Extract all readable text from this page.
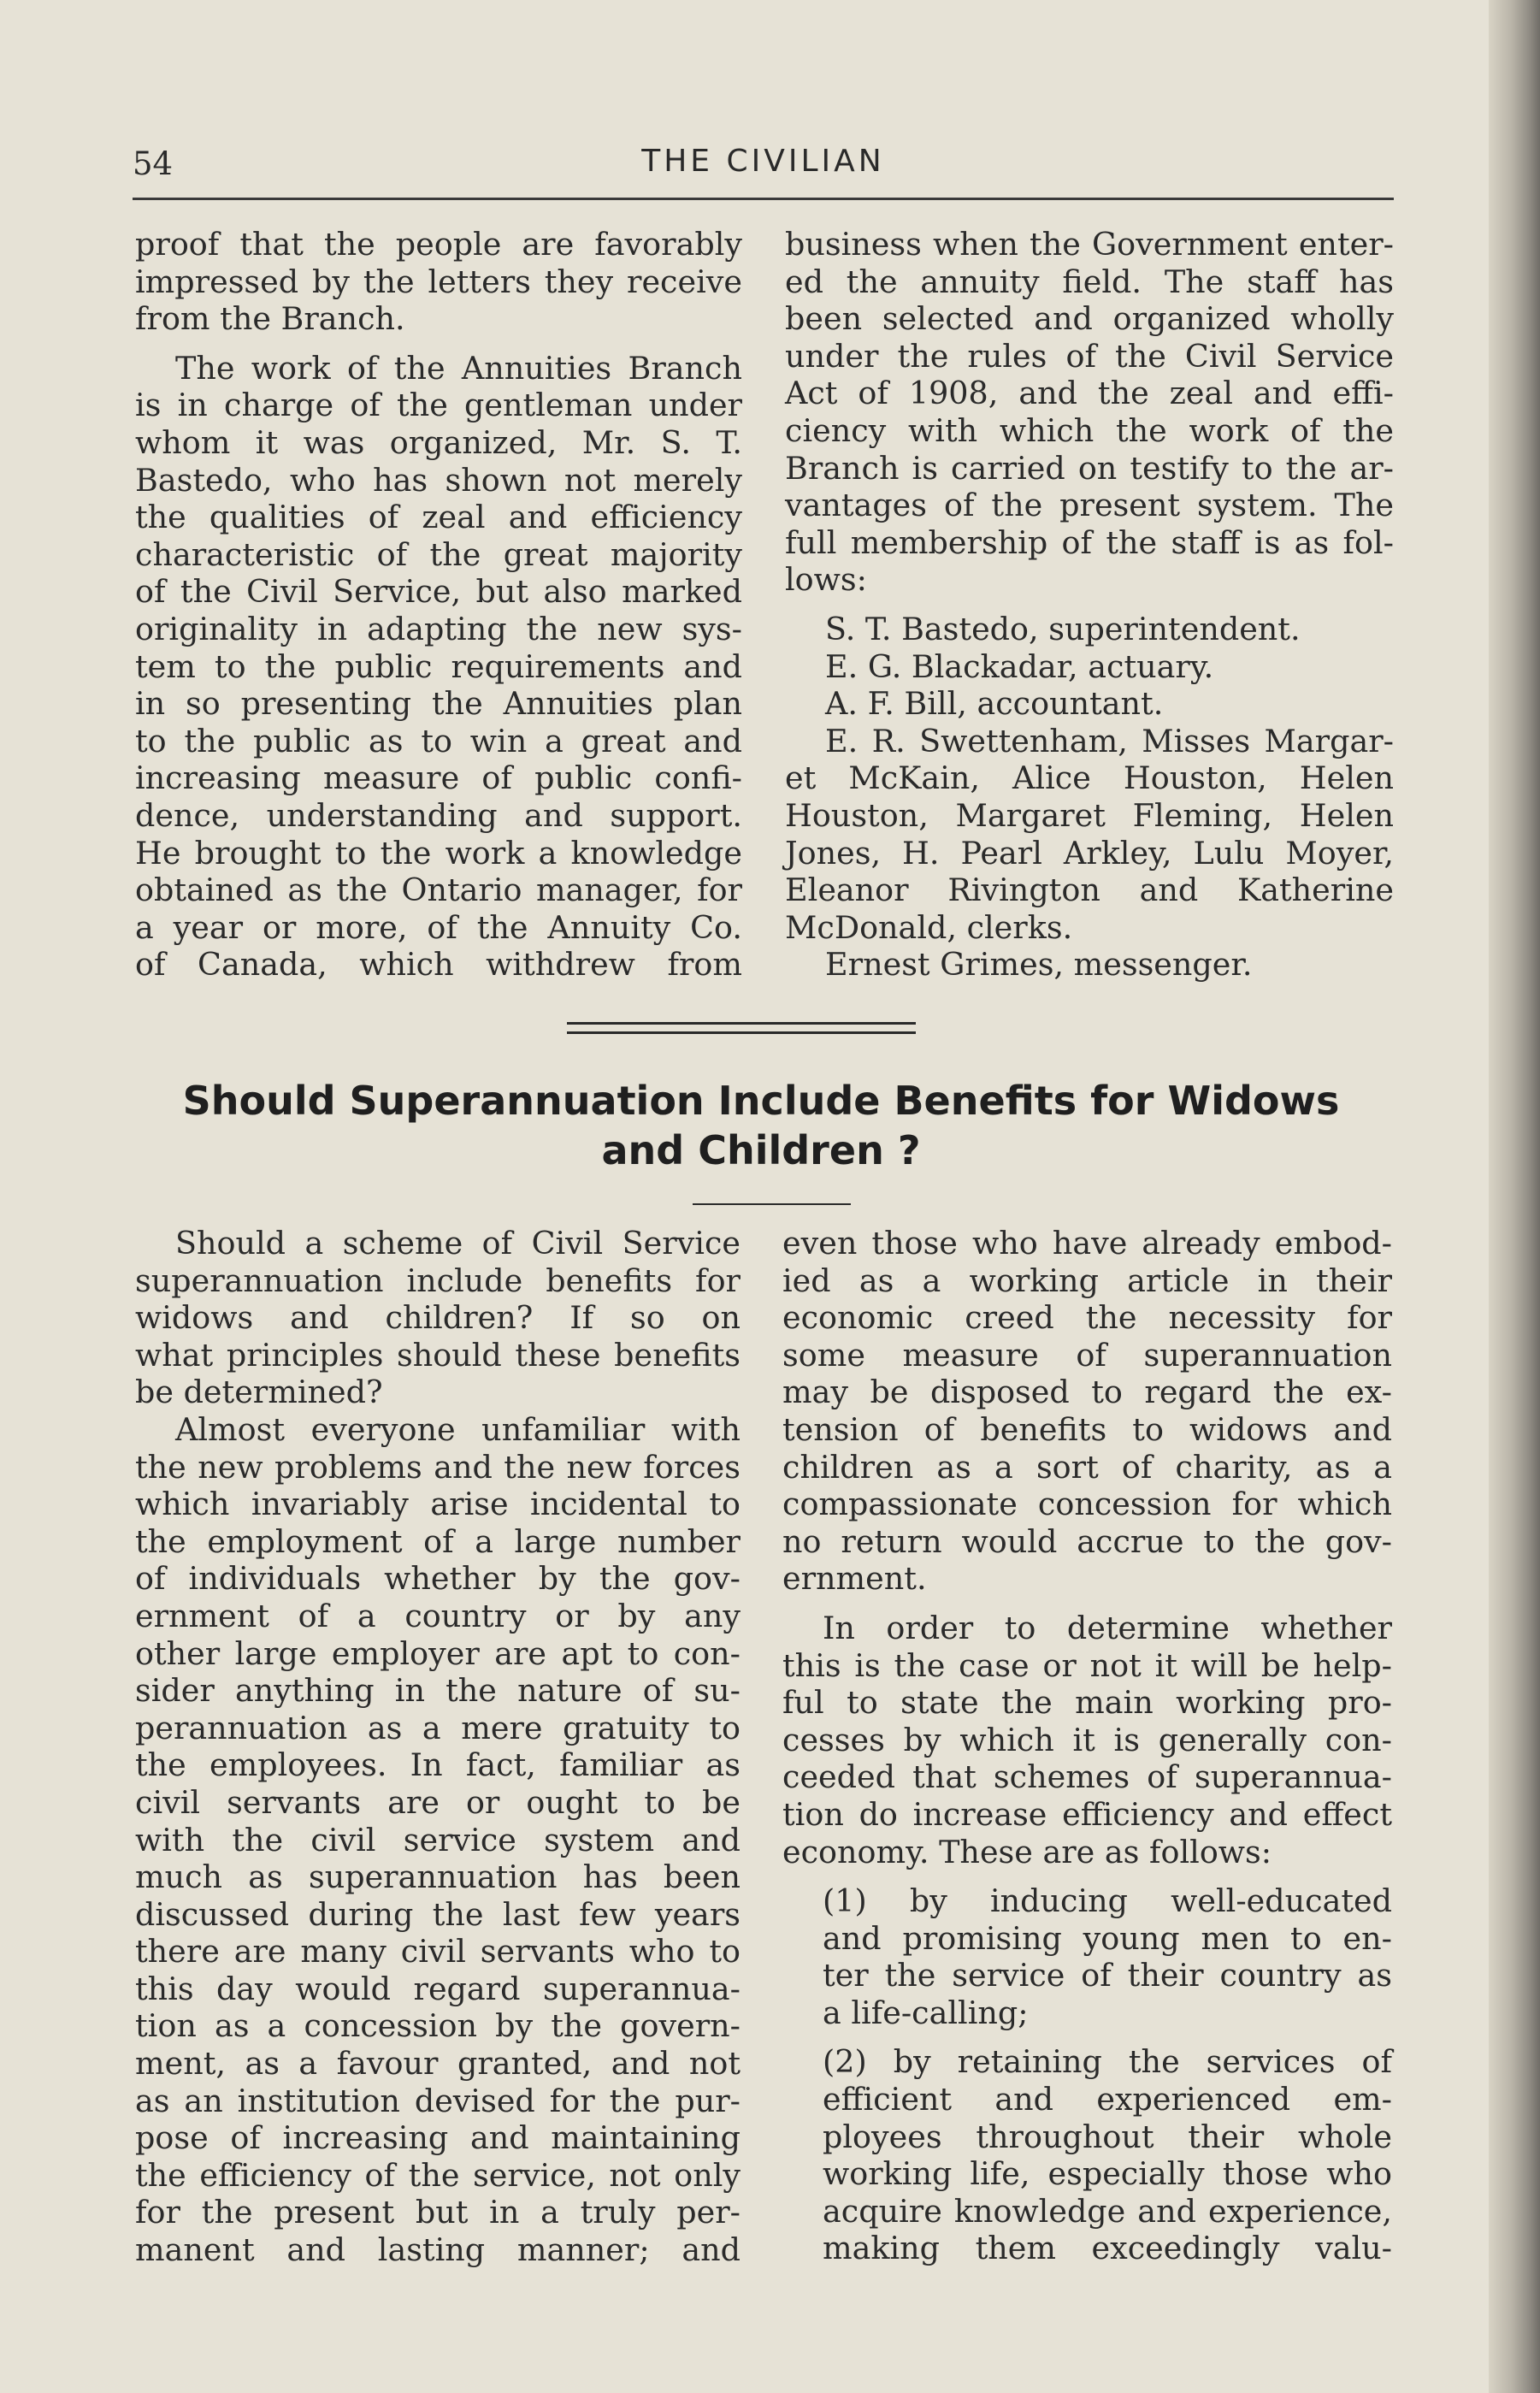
54	THE CIVILIAN

proof that the people are favorably

impressed by the letters they receive

from the Branch.

The work of the Annuities Branch

is in charge of the gentleman under

whom it was organized, Mr. S. T.

Bastedo, who has shown not merely

the qualities of zeal and efficiency

characteristic of the great majority

of the Civil Service, but also marked

originality in adapting the new sys-

tem to the public requirements and

in so presenting the Annuities plan

to the public as to win a great and

increasing measure of public confi-

dence, understanding and support.

He brought to the work a knowledge

obtained as the Ontario manager, for

a year or more, of the Annuity Co.

of Canada, which withdrew from

business when the Government enter-

ed the annuity field. The staff has

been selected and organized wholly

under the rules of the Civil Service

Act of 1908, and the zeal and effi-

ciency with which the work of the

Branch is carried on testify to the ar-

vantages of the present system. The

full membership of the staff is as fol-

lows:

S. T. Bastedo, superintendent.

E. G. Blackadar, actuary.

A. F. Bill, accountant.

E. R. Swettenham, Misses Margar-

et McKain, Alice Houston, Helen

Houston, Margaret Fleming, Helen

Jones, H. Pearl Arkley, Lulu Moyer,

Eleanor Rivington and Katherine

McDonald, clerks.

Ernest Grimes, messenger.

Should Superannuation Include Benefits for Widows
and Children ?

Should a scheme of Civil Service

superannuation include benefits for

widows and children? If so on

what principles should these benefits

be determined?

Almost everyone unfamiliar with

the new problems and the new forces

which invariably arise incidental to

the employment of a large number

of individuals whether by the gov-

ernment of a country or by any

other large employer are apt to con-

sider anything in the nature of su-

perannuation as a mere gratuity to

the employees. In fact, familiar as

civil servants are or ought to be

with the civil service system and

much as superannuation has been

discussed during the last few years

there are many civil servants who to

this day would regard superannua-

tion as a concession by the govern-

ment, as a favour granted, and not

as an institution devised for the pur-

pose of increasing and maintaining

the efficiency of the service, not only

for the present but in a truly per-

manent and lasting manner; and

even those who have already embod-

ied as a working article in their

economic creed the necessity for

some measure of superannuation

may be disposed to regard the ex-

tension of benefits to widows and

children as a sort of charity, as a

compassionate concession for which

no return would accrue to the gov-

ernment.

In order to determine whether

this is the case or not it will be help-

ful to state the main working pro-

cesses by which it is generally con-

ceeded that schemes of superannua-

tion do increase efficiency and effect

economy. These are as follows:

(1) by inducing well-educated

and promising young men to en-

ter the service of their country as

a life-calling;

(2) by retaining the services of

efficient and experienced em-

ployees throughout their whole

working life, especially those who

acquire knowledge and experience,

making them exceedingly valu-
